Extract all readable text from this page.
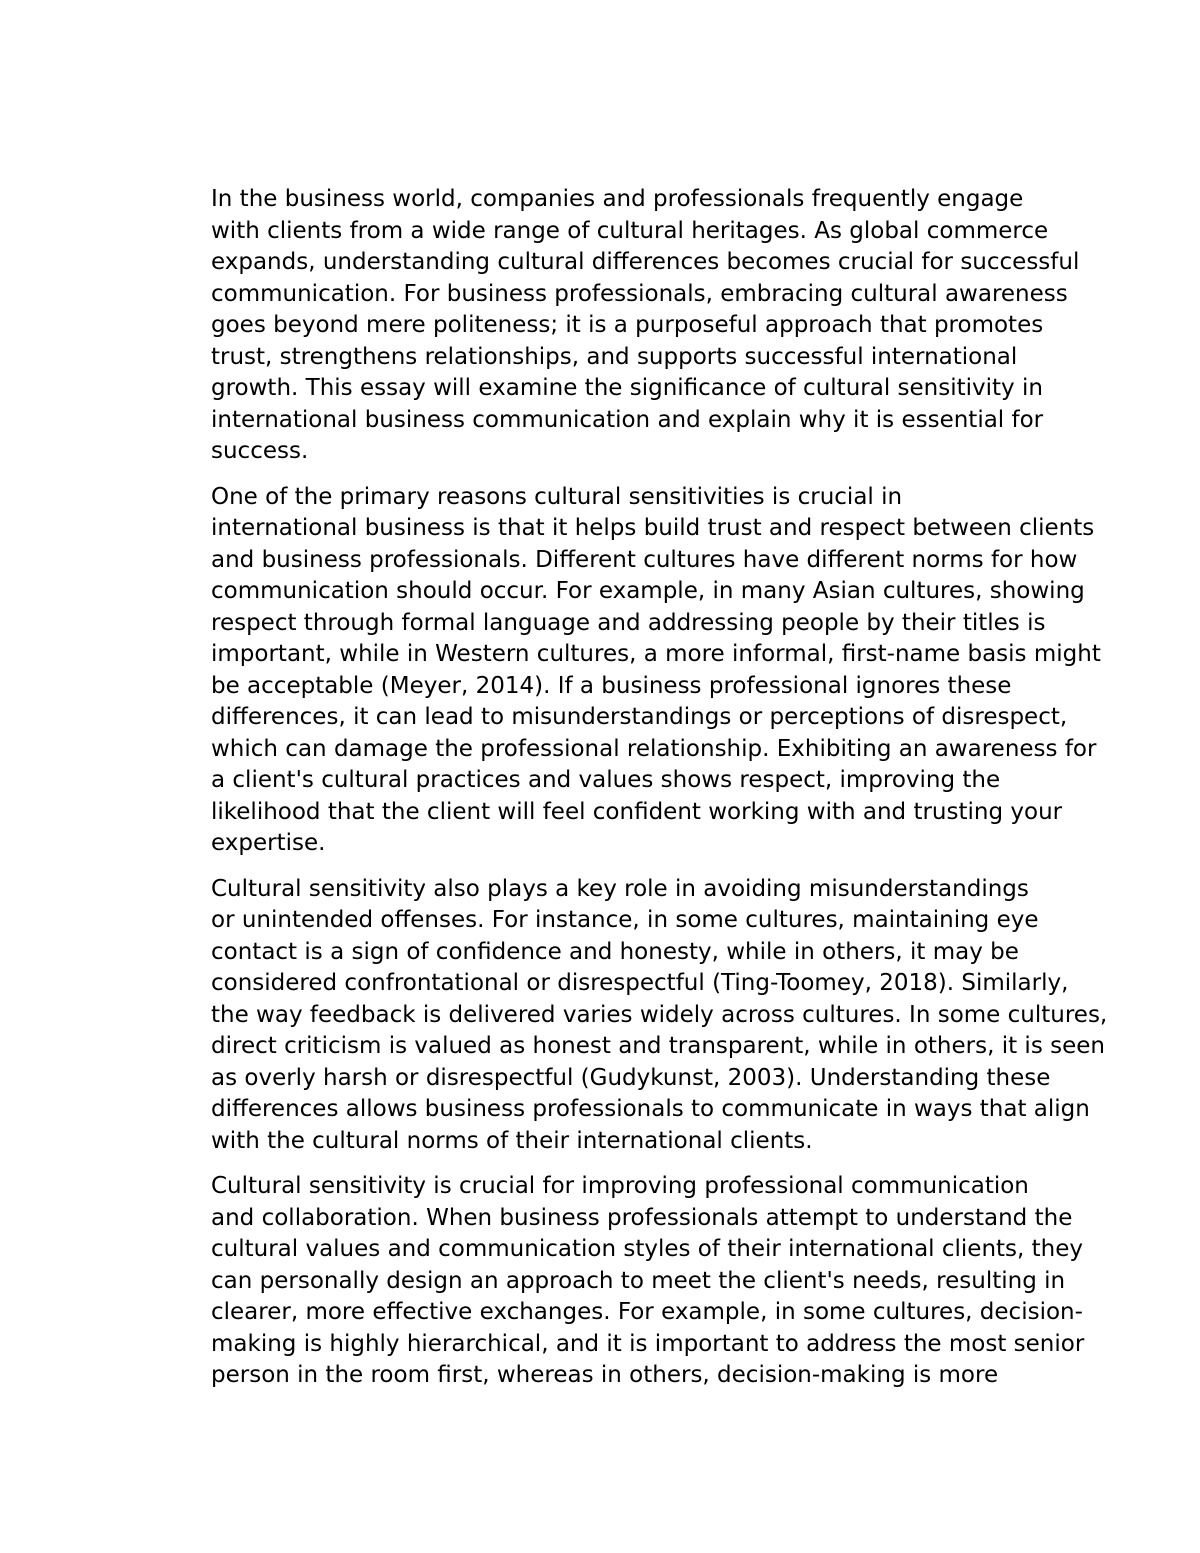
In the business world, companies and professionals frequently engage

with clients from a wide range of cultural heritages. As global commerce
expands, understanding cultural differences becomes crucial for successful
communication. For business professionals, embracing cultural awareness
goes beyond mere politeness; it is a purposeful approach that promotes
trust, strengthens relationships, and supports successful international
growth. This essay will examine the significance of cultural sensitivity in
international business communication and explain why it is essential for
success.

One of the primary reasons cultural sensitivities is crucial in

international business is that it helps build trust and respect between clients
and business professionals. Different cultures have different norms for how
communication should occur. For example, in many Asian cultures, showing
respect through formal language and addressing people by their titles is
important, while in Western cultures, a more informal, first-name basis might
be acceptable (Meyer, 2014). If a business professional ignores these
differences, it can lead to misunderstandings or perceptions of disrespect,
which can damage the professional relationship. Exhibiting an awareness for
a client's cultural practices and values shows respect, improving the
likelihood that the client will feel confident working with and trusting your
expertise.

Cultural sensitivity also plays a key role in avoiding misunderstandings

or unintended offenses. For instance, in some cultures, maintaining eye
contact is a sign of confidence and honesty, while in others, it may be
considered confrontational or disrespectful (Ting-Toomey, 2018). Similarly,
the way feedback is delivered varies widely across cultures. In some cultures,
direct criticism is valued as honest and transparent, while in others, it is seen
as overly harsh or disrespectful (Gudykunst, 2003). Understanding these
differences allows business professionals to communicate in ways that align
with the cultural norms of their international clients.

Cultural sensitivity is crucial for improving professional communication

and collaboration. When business professionals attempt to understand the
cultural values and communication styles of their international clients, they
can personally design an approach to meet the client's needs, resulting in
clearer, more effective exchanges. For example, in some cultures, decision-
making is highly hierarchical, and it is important to address the most senior
person in the room first, whereas in others, decision-making is more
